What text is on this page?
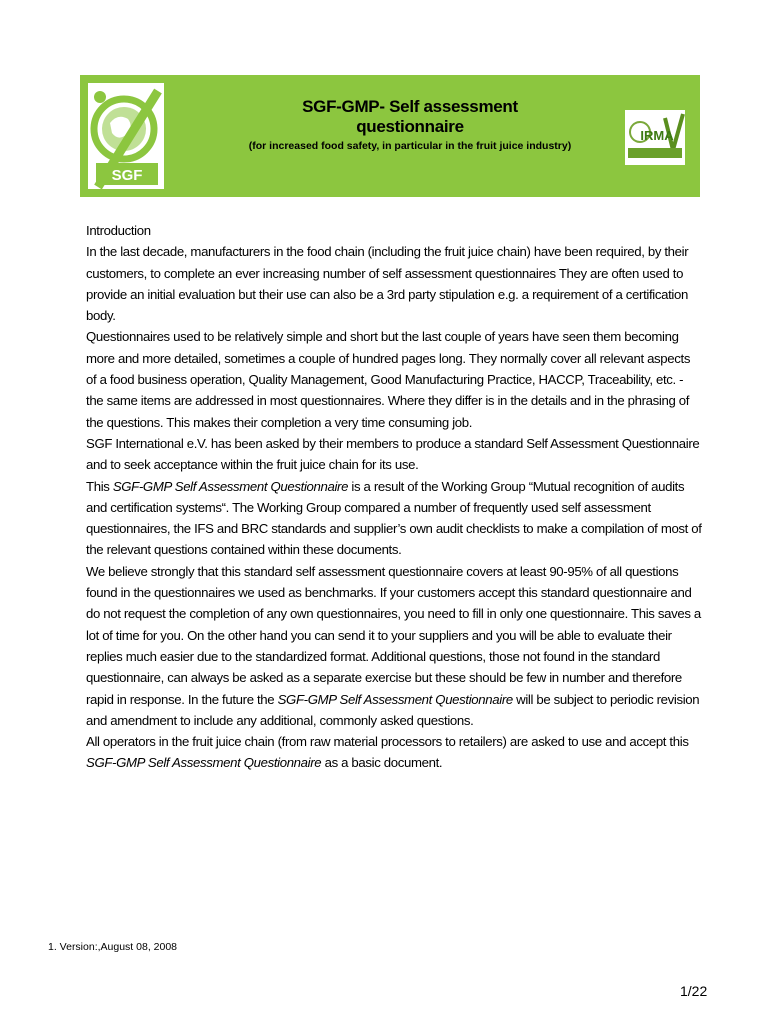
SGF
SGF-GMP- Self assessment questionnaire
(for increased food safety, in particular in the fruit juice industry)
IRMA

Introduction

In the last decade, manufacturers in the food chain (including the fruit juice chain) have been required, by their customers, to complete an ever increasing number of self assessment questionnaires They are often used to provide an initial evaluation but their use can also be a 3rd party stipulation e.g. a requirement of a certification body.

Questionnaires used to be relatively simple and short but the last couple of years have seen them becoming more and more detailed, sometimes a couple of hundred pages long. They normally cover all relevant aspects of a food business operation, Quality Management, Good Manufacturing Practice, HACCP, Traceability, etc. - the same items are addressed in most questionnaires. Where they differ is in the details and in the phrasing of the questions. This makes their completion a very time consuming job.

SGF International e.V. has been asked by their members to produce a standard Self Assessment Questionnaire and to seek acceptance within the fruit juice chain for its use.

This SGF-GMP Self Assessment Questionnaire is a result of the Working Group “Mutual recognition of audits and certification systems“. The Working Group compared a number of frequently used self assessment questionnaires, the IFS and BRC standards and supplier’s own audit checklists to make a compilation of most of the relevant questions contained within these documents.

We believe strongly that this standard self assessment questionnaire covers at least 90-95% of all questions found in the questionnaires we used as benchmarks. If your customers accept this standard questionnaire and do not request the completion of any own questionnaires, you need to fill in only one questionnaire. This saves a lot of time for you. On the other hand you can send it to your suppliers and you will be able to evaluate their replies much easier due to the standardized format. Additional questions, those not found in the standard questionnaire, can always be asked as a separate exercise but these should be few in number and therefore rapid in response. In the future the SGF-GMP Self Assessment Questionnaire will be subject to periodic revision and amendment to include any additional, commonly asked questions.

All operators in the fruit juice chain (from raw material processors to retailers) are asked to use and accept this SGF-GMP Self Assessment Questionnaire as a basic document.

1. Version:,August 08, 2008
1/22
